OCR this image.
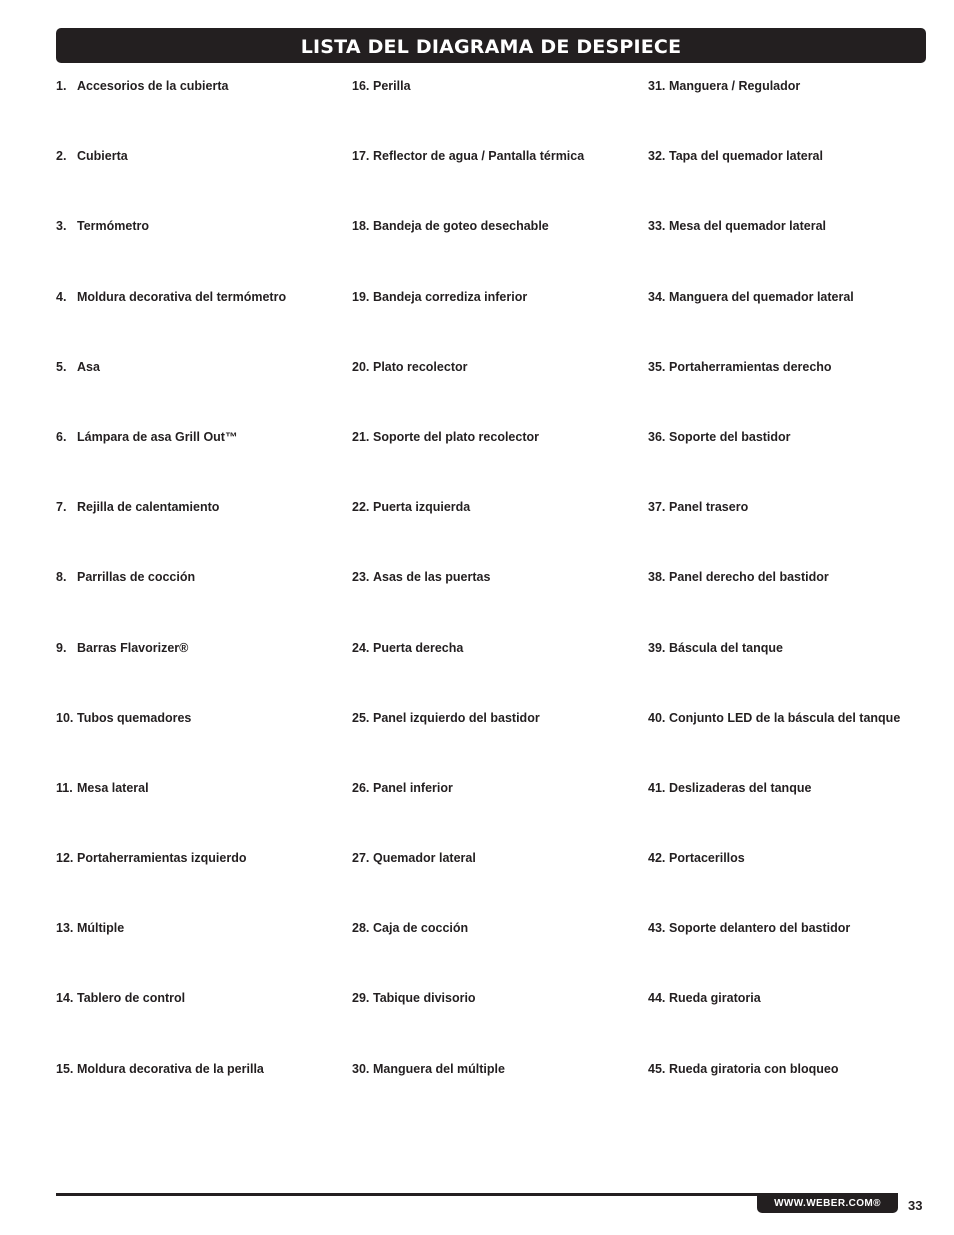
LISTA DEL DIAGRAMA DE DESPIECE
1. Accesorios de la cubierta
2. Cubierta
3. Termómetro
4. Moldura decorativa del termómetro
5. Asa
6. Lámpara de asa Grill Out™
7. Rejilla de calentamiento
8. Parrillas de cocción
9. Barras Flavorizer®
10. Tubos quemadores
11. Mesa lateral
12. Portaherramientas izquierdo
13. Múltiple
14. Tablero de control
15. Moldura decorativa de la perilla
16. Perilla
17. Reflector de agua / Pantalla térmica
18. Bandeja de goteo desechable
19. Bandeja corrediza inferior
20. Plato recolector
21. Soporte del plato recolector
22. Puerta izquierda
23. Asas de las puertas
24. Puerta derecha
25. Panel izquierdo del bastidor
26. Panel inferior
27. Quemador lateral
28. Caja de cocción
29. Tabique divisorio
30. Manguera del múltiple
31. Manguera / Regulador
32. Tapa del quemador lateral
33. Mesa del quemador lateral
34. Manguera del quemador lateral
35. Portaherramientas derecho
36. Soporte del bastidor
37. Panel trasero
38. Panel derecho del bastidor
39. Báscula del tanque
40. Conjunto LED de la báscula del tanque
41. Deslizaderas del tanque
42. Portacerillos
43. Soporte delantero del bastidor
44. Rueda giratoria
45. Rueda giratoria con bloqueo
WWW.WEBER.COM® 33
